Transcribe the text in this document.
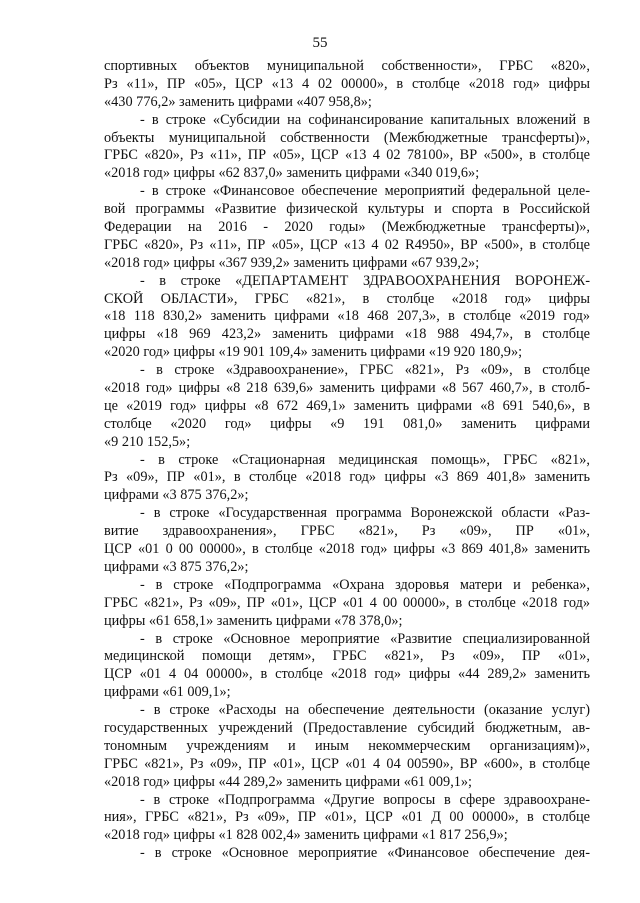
55
спортивных объектов муниципальной собственности», ГРБС «820»,
Рз «11», ПР «05», ЦСР «13 4 02 00000», в столбце «2018 год» цифры
«430 776,2» заменить цифрами «407 958,8»;
- в строке «Субсидии на софинансирование капитальных вложений в
объекты муниципальной собственности (Межбюджетные трансферты)»,
ГРБС «820», Рз «11», ПР «05», ЦСР «13 4 02 78100», ВР «500», в столбце
«2018 год» цифры «62 837,0» заменить цифрами «340 019,6»;
- в строке «Финансовое обеспечение мероприятий федеральной целе-
вой программы «Развитие физической культуры и спорта в Российской
Федерации на 2016 - 2020 годы» (Межбюджетные трансферты)»,
ГРБС «820», Рз «11», ПР «05», ЦСР «13 4 02 R4950», ВР «500», в столбце
«2018 год» цифры «367 939,2» заменить цифрами «67 939,2»;
- в строке «ДЕПАРТАМЕНТ ЗДРАВООХРАНЕНИЯ ВОРОНЕЖ-
СКОЙ ОБЛАСТИ», ГРБС «821», в столбце «2018 год» цифры
«18 118 830,2» заменить цифрами «18 468 207,3», в столбце «2019 год»
цифры «18 969 423,2» заменить цифрами «18 988 494,7», в столбце
«2020 год» цифры «19 901 109,4» заменить цифрами «19 920 180,9»;
- в строке «Здравоохранение», ГРБС «821», Рз «09», в столбце
«2018 год» цифры «8 218 639,6» заменить цифрами «8 567 460,7», в столб-
це «2019 год» цифры «8 672 469,1» заменить цифрами «8 691 540,6», в
столбце «2020 год» цифры «9 191 081,0» заменить цифрами
«9 210 152,5»;
- в строке «Стационарная медицинская помощь», ГРБС «821»,
Рз «09», ПР «01», в столбце «2018 год» цифры «3 869 401,8» заменить
цифрами «3 875 376,2»;
- в строке «Государственная программа Воронежской области «Раз-
витие здравоохранения», ГРБС «821», Рз «09», ПР «01»,
ЦСР «01 0 00 00000», в столбце «2018 год» цифры «3 869 401,8» заменить
цифрами «3 875 376,2»;
- в строке «Подпрограмма «Охрана здоровья матери и ребенка»,
ГРБС «821», Рз «09», ПР «01», ЦСР «01 4 00 00000», в столбце «2018 год»
цифры «61 658,1» заменить цифрами «78 378,0»;
- в строке «Основное мероприятие «Развитие специализированной
медицинской помощи детям», ГРБС «821», Рз «09», ПР «01»,
ЦСР «01 4 04 00000», в столбце «2018 год» цифры «44 289,2» заменить
цифрами «61 009,1»;
- в строке «Расходы на обеспечение деятельности (оказание услуг)
государственных учреждений (Предоставление субсидий бюджетным, ав-
тономным учреждениям и иным некоммерческим организациям)»,
ГРБС «821», Рз «09», ПР «01», ЦСР «01 4 04 00590», ВР «600», в столбце
«2018 год» цифры «44 289,2» заменить цифрами «61 009,1»;
- в строке «Подпрограмма «Другие вопросы в сфере здравоохране-
ния», ГРБС «821», Рз «09», ПР «01», ЦСР «01 Д 00 00000», в столбце
«2018 год» цифры «1 828 002,4» заменить цифрами «1 817 256,9»;
- в строке «Основное мероприятие «Финансовое обеспечение дея-
